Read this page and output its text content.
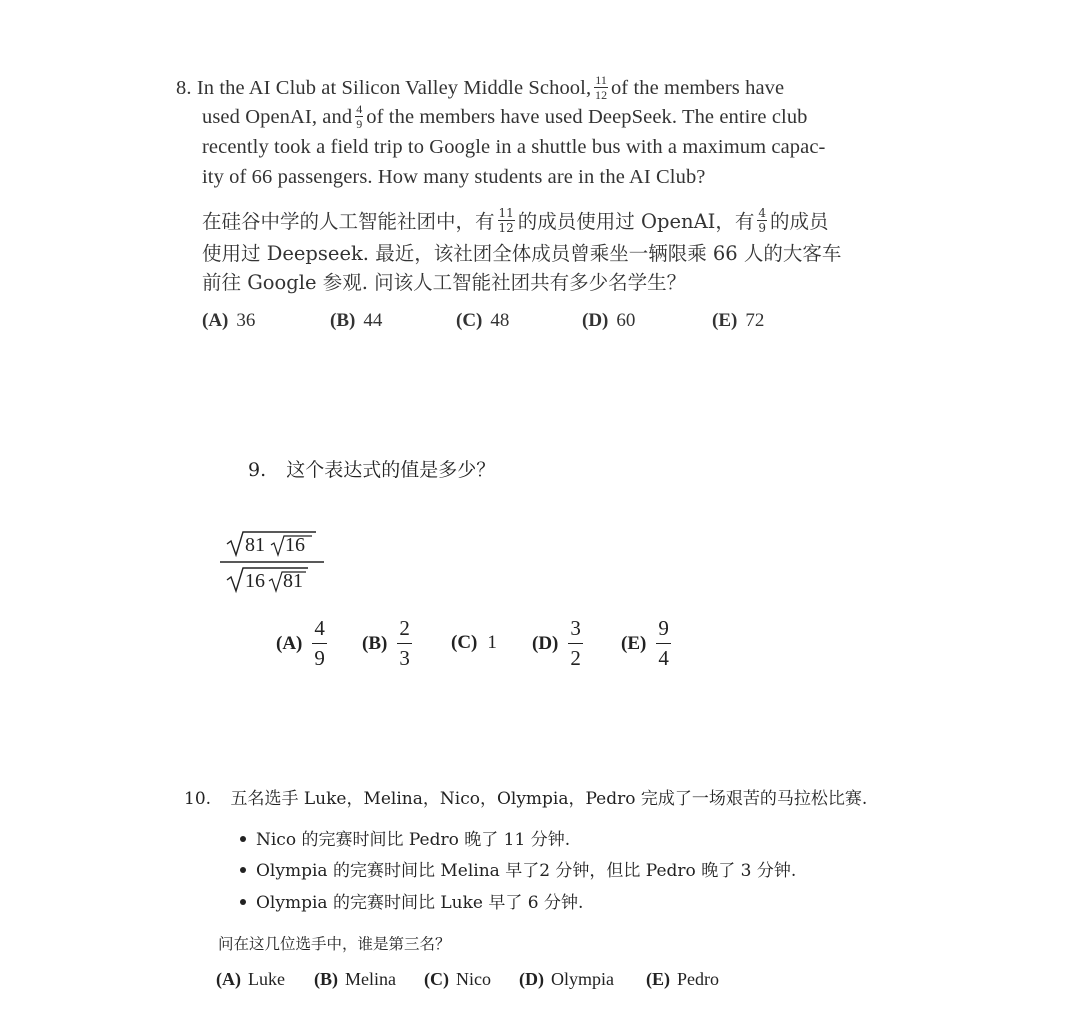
8. In the AI Club at Silicon Valley Middle School, $\frac{11}{12}$ of the members have
used OpenAI, and $\frac{4}{9}$ of the members have used DeepSeek. The entire club
recently took a field trip to Google in a shuttle bus with a maximum capac-
ity of 66 passengers. How many students are in the AI Club?
在硅谷中学的人工智能社团中，有 $\frac{11}{12}$ 的成员使用过 OpenAI，有 $\frac{4}{9}$ 的成员
使用过 Deepseek. 最近，该社团全体成员曾乘坐一辆限乘 66 人的大客车
前往 Google 参观. 问该人工智能社团共有多少名学生？
(A) 36	(B) 44	(C) 48	(D) 60	(E) 72
9. 这个表达式的值是多少？
81 16
16 81
$(A) \frac{4}{9} (B) \frac{2}{3} (C)$ 1 $(D) \frac{3}{2} (E) \frac{9}{4}$
10. 五名选手 Luke，Melina，Nico，Olympia，Pedro 完成了一场艰苦的马拉松比赛.
Nico 的完赛时间比 Pedro 晚了 11 分钟.
Olympia 的完赛时间比 Melina 早了2 分钟，但比 Pedro 晚了 3 分钟.
Olympia 的完赛时间比 Luke 早了 6 分钟.
问在这几位选手中，谁是第三名？
(A) Luke (B) Melina (C) Nico (D) Olympia (E) Pedro
